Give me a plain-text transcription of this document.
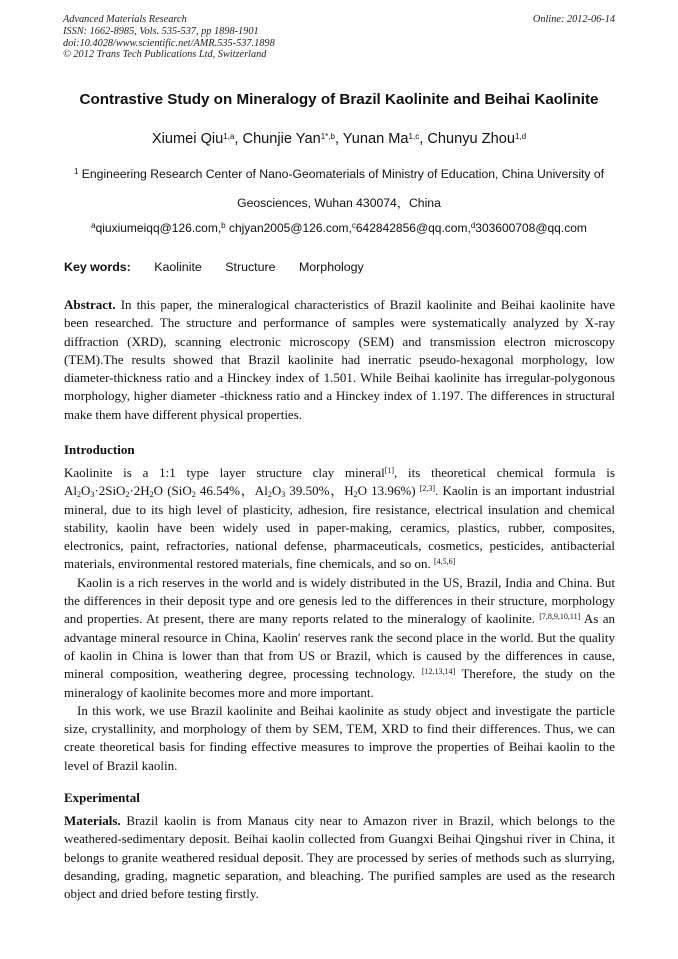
Advanced Materials Research
ISSN: 1662-8985, Vols. 535-537, pp 1898-1901
doi:10.4028/www.scientific.net/AMR.535-537.1898
© 2012 Trans Tech Publications Ltd, Switzerland
Online: 2012-06-14
Contrastive Study on Mineralogy of Brazil Kaolinite and Beihai Kaolinite
Xiumei Qiu$^{1,a}$, Chunjie Yan$^{1*,b}$, Yunan Ma$^{1,c}$, Chunyu Zhou$^{1,d}$
$^1$ Engineering Research Center of Nano-Geomaterials of Ministry of Education, China University of
Geosciences, Wuhan 430074，China
$^a$qiuxiumeiqq@126.com,$^b$ chjyan2005@126.com,$^c$642842856@qq.com,$^d$303600708@qq.com
Key words: Kaolinite Structure Morphology

Abstract. In this paper, the mineralogical characteristics of Brazil kaolinite and Beihai kaolinite have been researched. The structure and performance of samples were systematically analyzed by X-ray diffraction (XRD), scanning electronic microscopy (SEM) and transmission electron microscopy (TEM).The results showed that Brazil kaolinite had inerratic pseudo-hexagonal morphology, low diameter-thickness ratio and a Hinckey index of 1.501. While Beihai kaolinite has irregular-polygonous morphology, higher diameter -thickness ratio and a Hinckey index of 1.197. The differences in structural make them have different physical properties.

Introduction

Kaolinite is a 1:1 type layer structure clay mineral[1], its theoretical chemical formula is $Al_2O_3\cdot 2SiO_2\cdot 2H_2O$ (SiO$_2$ 46.54%，$Al_2O_3$ 39.50%，$H_2O$ 13.96%) [2,3]. Kaolin is an important industrial mineral, due to its high level of plasticity, adhesion, fire resistance, electrical insulation and chemical stability, kaolin have been widely used in paper-making, ceramics, plastics, rubber, composites, electronics, paint, refractories, national defense, pharmaceuticals, cosmetics, pesticides, antibacterial materials, environmental restored materials, fine chemicals, and so on. [4,5,6]

Kaolin is a rich reserves in the world and is widely distributed in the US, Brazil, India and China. But the differences in their deposit type and ore genesis led to the differences in their structure, morphology and properties. At present, there are many reports related to the mineralogy of kaolinite. [7,8,9,10,11] As an advantage mineral resource in China, Kaolin′ reserves rank the second place in the world. But the quality of kaolin in China is lower than that from US or Brazil, which is caused by the differences in cause, mineral composition, weathering degree, processing technology. [12,13,14] Therefore, the study on the mineralogy of kaolinite becomes more and more important.

In this work, we use Brazil kaolinite and Beihai kaolinite as study object and investigate the particle size, crystallinity, and morphology of them by SEM, TEM, XRD to find their differences. Thus, we can create theoretical basis for finding effective measures to improve the properties of Beihai kaolin to the level of Brazil kaolin.

Experimental

Materials. Brazil kaolin is from Manaus city near to Amazon river in Brazil, which belongs to the weathered-sedimentary deposit. Beihai kaolin collected from Guangxi Beihai Qingshui river in China, it belongs to granite weathered residual deposit. They are processed by series of methods such as slurrying, desanding, grading, magnetic separation, and bleaching. The purified samples are used as the research object and dried before testing firstly.
